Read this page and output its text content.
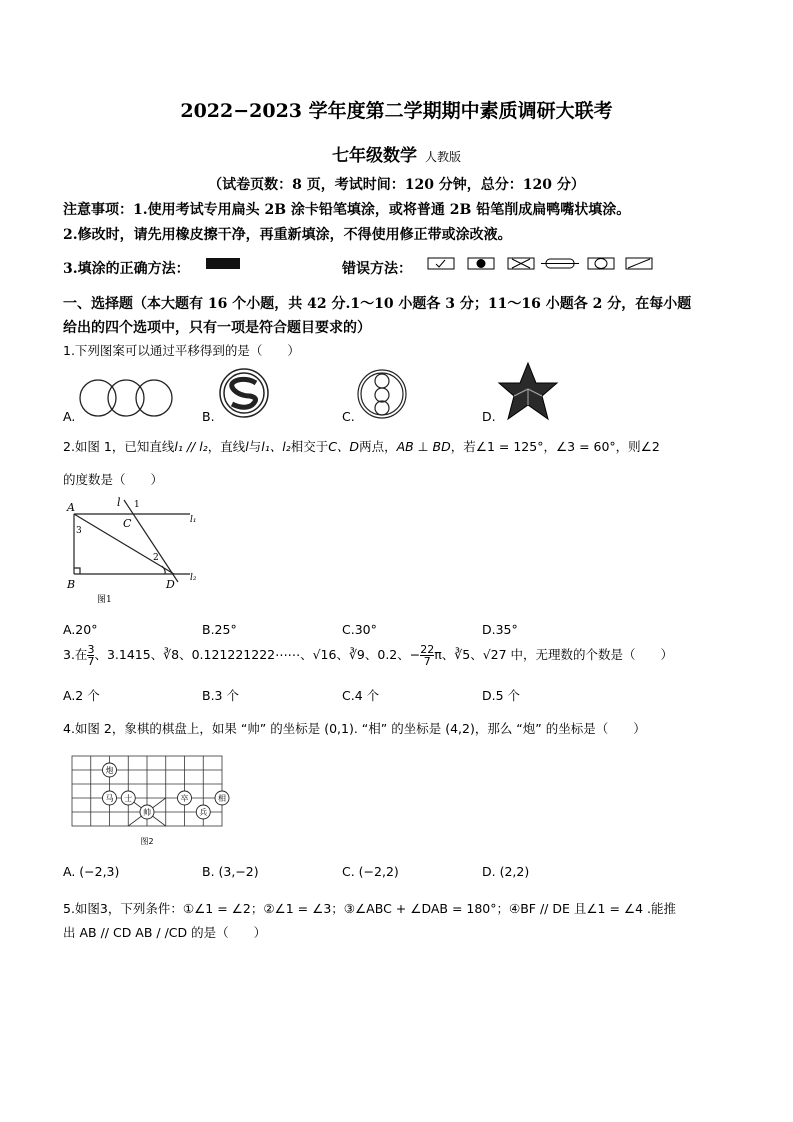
2022−2023 学年度第二学期期中素质调研大联考
七年级数学 人教版
（试卷页数：8 页，考试时间：120 分钟，总分：120 分）
注意事项：1.使用考试专用扁头 2B 涂卡铅笔填涂，或将普通 2B 铅笔削成扁鸭嘴状填涂。
2.修改时，请先用橡皮擦干净，再重新填涂，不得使用修正带或涂改液。
3.填涂的正确方法：	错误方法：
一、选择题（本大题有 16 个小题，共 42 分.1～10 小题各 3 分；11～16 小题各 2 分，在每小题
给出的四个选项中，只有一项是符合题目要求的）
1.下列图案可以通过平移得到的是（　　）
A.	B.	C.	D.
2.如图 1，已知直线l₁ // l₂，直线l与l₁、l₂相交于C、D两点，AB ⊥ BD，若∠1 = 125°，∠3 = 60°，则∠2
的度数是（　　）
A	l 1
C	l₁
3
2
B	D l₂
图1
A.20°	B.25°	C.30°	D.35°
3.在 $\frac{3}{7}$ 、3.1415、∛8、0.121221222⋯⋯、√16、∛9、0.2、− $\frac{22}{7}$ π、∛5、√27 中，无理数的个数是（　　）
A.2 个	B.3 个	C.4 个	D.5 个
4.如图 2，象棋的棋盘上，如果 “帅” 的坐标是 (0,1). “相” 的坐标是 (4,2)，那么 “炮” 的坐标是（　　）
炮
马 士
帅
卒	相
兵
图2
A. (−2,3)	B. (3,−2)	C. (−2,2)	D. (2,2)
5.如图3，下列条件：①∠1 = ∠2；②∠1 = ∠3；③∠ABC + ∠DAB = 180°；④BF // DE 且∠1 = ∠4 .能推
出 AB // CD AB / /CD 的是（　　）
